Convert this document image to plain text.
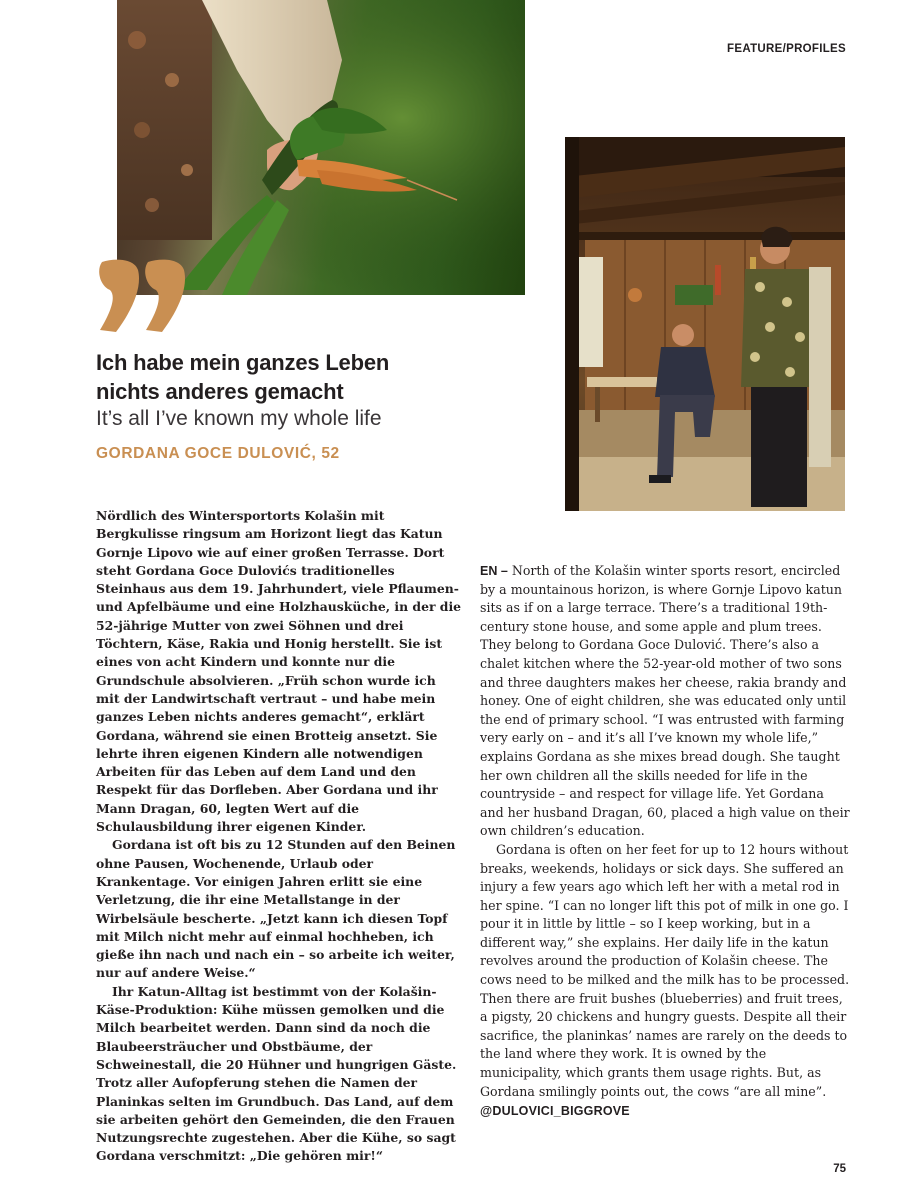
FEATURE/PROFILES
Ich habe mein ganzes Leben
nichts anderes gemacht
It’s all I’ve known my whole life
GORDANA GOCE DULOVIĆ, 52

Nördlich des Wintersportorts Kolašin mit Bergkulisse ringsum am Horizont liegt das Katun Gornje Lipovo wie auf einer großen Terrasse. Dort steht Gordana Goce Dulovićs traditionelles Steinhaus aus dem 19. Jahrhundert, viele Pflaumen- und Apfelbäume und eine Holzhausküche, in der die 52-jährige Mutter von zwei Söhnen und drei Töchtern, Käse, Rakia und Honig herstellt. Sie ist eines von acht Kindern und konnte nur die Grundschule absolvieren. „Früh schon wurde ich mit der Landwirtschaft vertraut – und habe mein ganzes Leben nichts anderes gemacht“, erklärt Gordana, während sie einen Brotteig ansetzt. Sie lehrte ihren eigenen Kindern alle notwendigen Arbeiten für das Leben auf dem Land und den Respekt für das Dorfleben. Aber Gordana und ihr Mann Dragan, 60, legten Wert auf die Schulausbildung ihrer eigenen Kinder.

Gordana ist oft bis zu 12 Stunden auf den Beinen ohne Pausen, Wochenende, Urlaub oder Krankentage. Vor einigen Jahren erlitt sie eine Verletzung, die ihr eine Metallstange in der Wirbelsäule bescherte. „Jetzt kann ich diesen Topf mit Milch nicht mehr auf einmal hochheben, ich gieße ihn nach und nach ein – so arbeite ich weiter, nur auf andere Weise.“

Ihr Katun-Alltag ist bestimmt von der Kolašin-Käse-Produktion: Kühe müssen gemolken und die Milch bearbeitet werden. Dann sind da noch die Blaubeersträucher und Obstbäume, der Schweinestall, die 20 Hühner und hungrigen Gäste. Trotz aller Aufopferung stehen die Namen der Planinkas selten im Grundbuch. Das Land, auf dem sie arbeiten gehört den Gemeinden, die den Frauen Nutzungsrechte zugestehen. Aber die Kühe, so sagt Gordana verschmitzt: „Die gehören mir!“

EN – North of the Kolašin winter sports resort, encircled by a mountainous horizon, is where Gornje Lipovo katun sits as if on a large terrace. There’s a traditional 19th-century stone house, and some apple and plum trees. They belong to Gordana Goce Dulović. There’s also a chalet kitchen where the 52-year-old mother of two sons and three daughters makes her cheese, rakia brandy and honey. One of eight children, she was educated only until the end of primary school. “I was entrusted with farming very early on – and it’s all I’ve known my whole life,” explains Gordana as she mixes bread dough. She taught her own children all the skills needed for life in the countryside – and respect for village life. Yet Gordana and her husband Dragan, 60, placed a high value on their own children’s education.

Gordana is often on her feet for up to 12 hours without breaks, weekends, holidays or sick days. She suffered an injury a few years ago which left her with a metal rod in her spine. “I can no longer lift this pot of milk in one go. I pour it in little by little – so I keep working, but in a different way,” she explains. Her daily life in the katun revolves around the production of Kolašin cheese. The cows need to be milked and the milk has to be processed. Then there are fruit bushes (blueberries) and fruit trees, a pigsty, 20 chickens and hungry guests. Despite all their sacrifice, the planinkas’ names are rarely on the deeds to the land where they work. It is owned by the municipality, which grants them usage rights. But, as Gordana smilingly points out, the cows “are all mine”.

@DULOVICI_BIGGROVE
75
